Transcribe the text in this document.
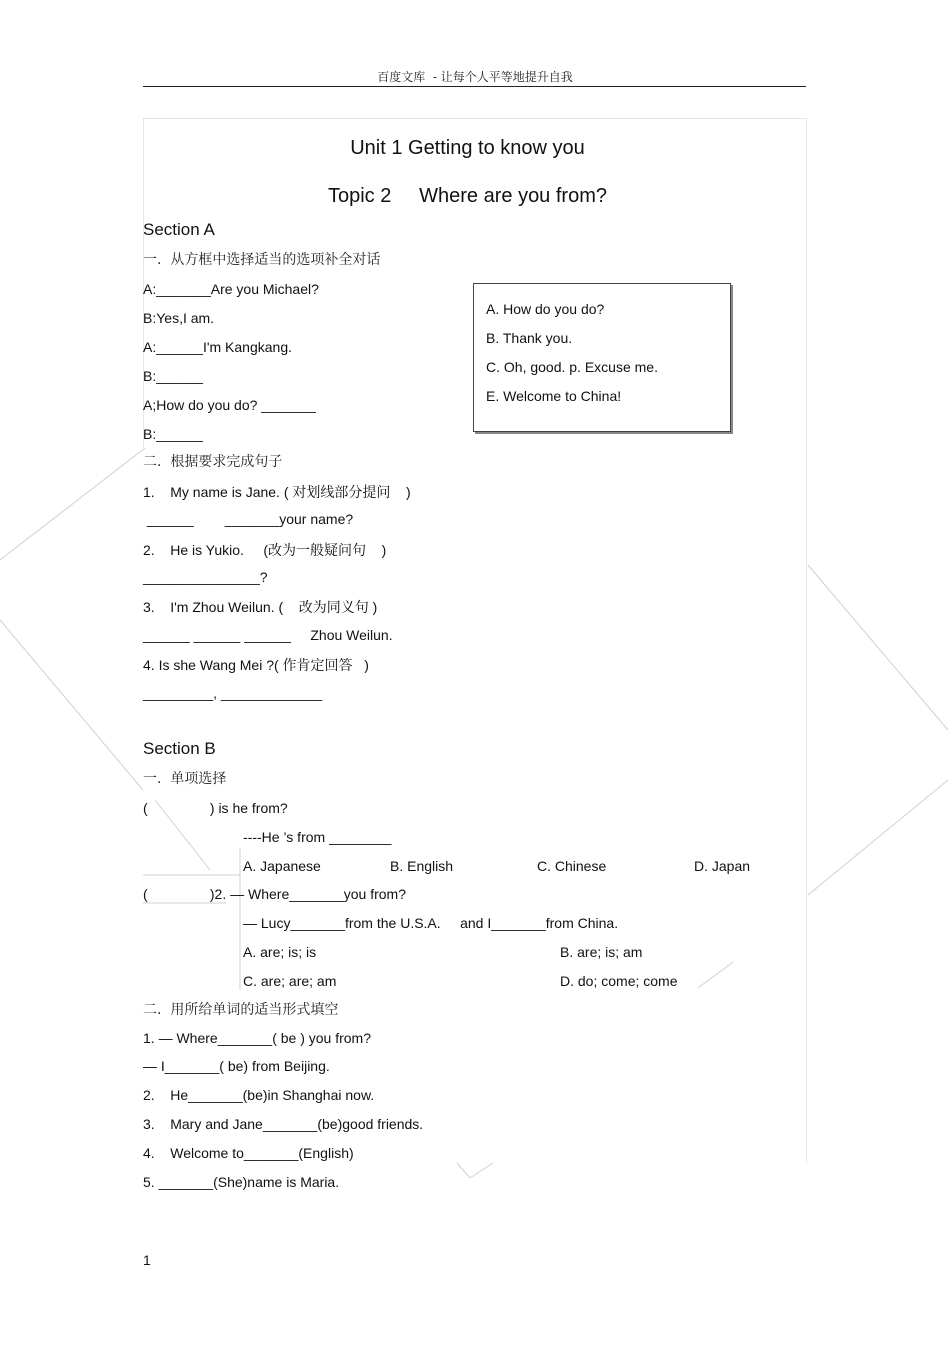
百度文库  - 让每个人平等地提升自我
Unit 1 Getting to know you
Topic 2     Where are you from?
Section A
一.  从方框中选择适当的选项补全对话
A:_______Are you Michael?
B:Yes,I am.
A:______I'm Kangkang.
B:______
A;How do you do? _______
B:______
A. How do you do?
B. Thank you.
C. Oh, good. p. Excuse me.
E. Welcome to China!
二.  根据要求完成句子
1.    My name is Jane. ( 对划线部分提问    )
______        _______your name?
2.    He is Yukio.     (改为一般疑问句    )
_______________?
3.    I'm Zhou Weilun. (    改为同义句 )
______ ______ ______     Zhou Weilun.
4. Is she Wang Mei ?( 作肯定回答   )
_________, _____________
Section B
一.  单项选择
(                ) is he from?
----He ’s from ________
A. Japanese	B. English	C. Chinese	D. Japan
(                )2. — Where_______you from?
— Lucy_______from the U.S.A.     and I_______from China.
A. are; is; is	B. are; is; am
C. are; are; am	D. do; come; come
二.  用所给单词的适当形式填空
1. — Where_______( be ) you from?
— I_______( be) from Beijing.
2.    He_______(be)in Shanghai now.
3.    Mary and Jane_______(be)good friends.
4.    Welcome to_______(English)
5. _______(She)name is Maria.
1
